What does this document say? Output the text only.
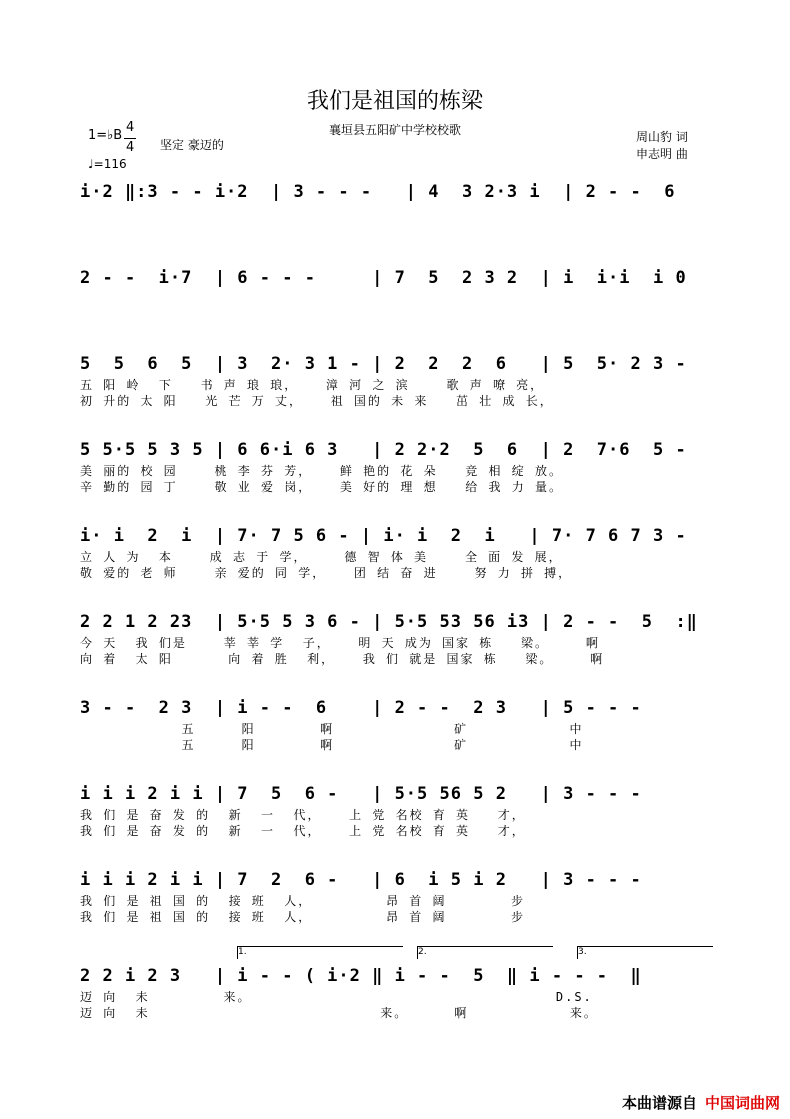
我们是祖国的栋梁
襄垣县五阳矿中学校校歌	周山豹 词
申志明 曲
1=♭B
4
4 坚定 豪迈的
♩=116
i·2 ‖:3 - - i·2  | 3 - - -   | 4  3 2·3 i  | 2 - -  6
2 - -  i·7  | 6 - - -     | 7  5  2 3 2  | i  i·i  i 0
5  5  6  5  | 3  2· 3 1 - | 2  2  2  6   | 5  5· 2 3 -
五 阳 岭  下   书 声 琅 琅，   漳 河 之 滨    歌 声 嘹 亮，
初 升的 太 阳   光 芒 万 丈，   祖 国的 未 来   茁 壮 成 长，
5 5·5 5 3 5 | 6 6·i 6 3   | 2 2·2  5  6  | 2  7·6  5 -
美 丽的 校 园    桃 李 芬 芳，   鲜 艳的 花 朵   竞 相 绽 放。
辛 勤的 园 丁    敬 业 爱 岗，   美 好的 理 想   给 我 力 量。
i· i  2  i  | 7· 7 5 6 - | i· i  2  i   | 7· 7 6 7 3 -
立 人 为  本    成 志 于 学，    德 智 体 美    全 面 发 展，
敬 爱的 老 师    亲 爱的 同 学，   团 结 奋 进    努 力 拼 搏，
2 2 1 2 23  | 5·5 5 3 6 - | 5·5 53 56 i3 | 2 - -  5  :‖
今 天  我 们是    莘 莘 学  子，   明 天 成为 国家 栋   梁。    啊
向 着  太 阳      向 着 胜  利，   我 们 就是 国家 栋   梁。    啊
3 - -  2 3  | i - -  6    | 2 - -  2 3   | 5 - - -
五     阳       啊             矿           中
五     阳       啊             矿           中
i i i 2 i i | 7  5  6 -   | 5·5 56 5 2   | 3 - - -
我 们 是 奋 发 的  新  一  代，   上 党 名校 育 英   才，
我 们 是 奋 发 的  新  一  代，   上 党 名校 育 英   才，
i i i 2 i i | 7  2  6 -   | 6  i 5 i 2   | 3 - - -
我 们 是 祖 国 的  接 班  人，        昂 首 阔       步
我 们 是 祖 国 的  接 班  人，        昂 首 阔       步
1.	2.	3.
2 2 i 2 3   | i - - ( i·2 ‖ i - -  5  ‖ i - - -  ‖
迈 向  未        来。                                 D.S.
迈 向  未                         来。     啊           来。
本曲谱源自 中国词曲网
